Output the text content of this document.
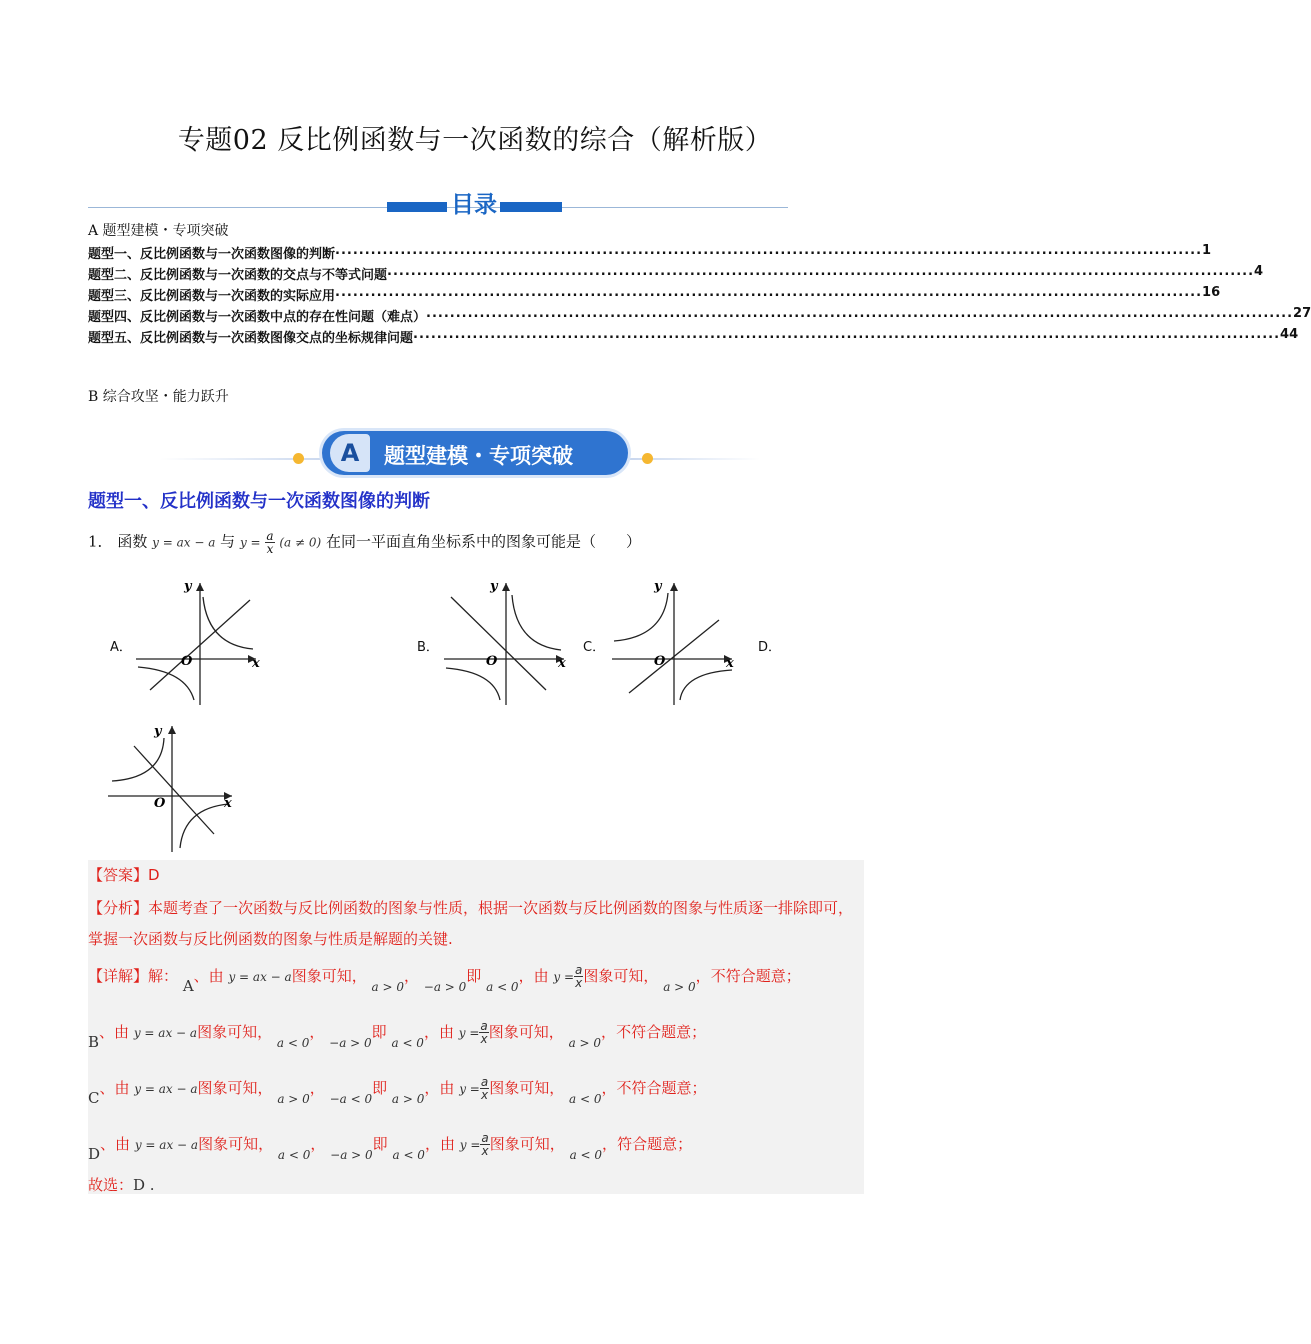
专题02 反比例函数与一次函数的综合（解析版）
目录
A 题型建模・专项突破
题型一、反比例函数与一次函数图像的判断 .................................................................................................................................................. 1
题型二、反比例函数与一次函数的交点与不等式问题 .................................................................................................................................................. 4
题型三、反比例函数与一次函数的实际应用 .................................................................................................................................................. 16
题型四、反比例函数与一次函数中点的存在性问题（难点） .................................................................................................................................................. 27
题型五、反比例函数与一次函数图像交点的坐标规律问题 .................................................................................................................................................. 44
B 综合攻坚・能力跃升
A	题型建模・专项突破
题型一、反比例函数与一次函数图像的判断
1． 函数 y = ax − a 与 $y = \frac{a}{x} (a \ne 0)$ 在同一平面直角坐标系中的图象可能是（　　）
A．	B．	C．	D．
O	x
y
O	x
y
O	x
y
O	x
y
【答案】D
【分析】本题考查了一次函数与反比例函数的图象与性质，根据一次函数与反比例函数的图象与性质逐一排除即可，掌握一次函数与反比例函数的图象与性质是解题的关键.
【详解】解： A、由 y = ax − a图象可知， $_{a > 0}$， $_{-a > 0}$即 $_{a < 0}$，由 $y = \frac{a}{x}$ 图象可知， $_{a > 0}$，不符合题意；
B、由 y = ax − a图象可知， $_{a < 0}$， $_{-a > 0}$即 $_{a < 0}$，由 $y = \frac{a}{x}$ 图象可知， $_{a > 0}$，不符合题意；
C、由 y = ax − a图象可知， $_{a > 0}$， $_{-a < 0}$即 $_{a > 0}$，由 $y = \frac{a}{x}$ 图象可知， $_{a < 0}$，不符合题意；
D、由 y = ax − a图象可知， $_{a < 0}$， $_{-a > 0}$即 $_{a < 0}$，由 $y = \frac{a}{x}$ 图象可知， $_{a < 0}$，符合题意；
故选：D .
